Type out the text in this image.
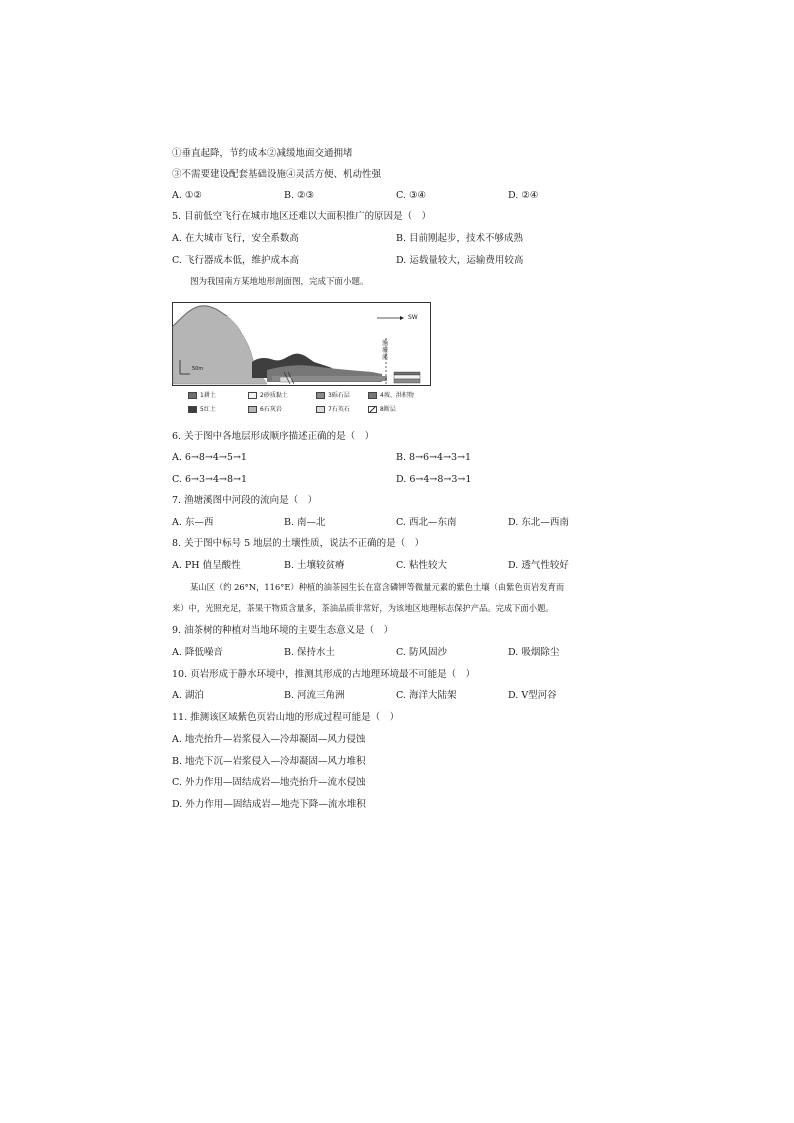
①垂直起降，节约成本②减缓地面交通拥堵
③不需要建设配套基础设施④灵活方便、机动性强
A. ①②	B. ②③	C. ③④	D. ②④
5. 目前低空飞行在城市地区还难以大面积推广的原因是（　）
A. 在大城市飞行，安全系数高	B. 目前刚起步，技术不够成熟
C. 飞行器成本低，维护成本高	D. 运载量较大，运输费用较高
图为我国南方某地地形剖面图，完成下面小题。
SW
渔塘溪
50m
1耕土	2砂质黏土	3砾石层	4坡、洪积物
5红土	6石灰岩	7石英石	8断层
6. 关于图中各地层形成顺序描述正确的是（　）
A. 6→8→4→5→1	B. 8→6→4→3→1
C. 6→3→4→8→1	D. 6→4→8→3→1
7. 渔塘溪图中河段的流向是（　）
A. 东—西	B. 南—北	C. 西北—东南	D. 东北—西南
8. 关于图中标号 5 地层的土壤性质，说法不正确的是（　）
A. PH 值呈酸性	B. 土壤较贫瘠	C. 粘性较大	D. 透气性较好
某山区（约 26°N，116°E）种植的油茶园生长在富含磷钾等微量元素的紫色土壤（由紫色页岩发育而
来）中，光照充足，茶果干物质含量多，茶油品质非常好，为该地区地理标志保护产品。完成下面小题。
9. 油茶树的种植对当地环境的主要生态意义是（　）
A. 降低噪音	B. 保持水土	C. 防风固沙	D. 吸烟除尘
10. 页岩形成于静水环境中，推测其形成的古地理环境最不可能是（　）
A. 湖泊	B. 河流三角洲	C. 海洋大陆架	D. V型河谷
11. 推测该区域紫色页岩山地的形成过程可能是（　）
A. 地壳抬升—岩浆侵入—冷却凝固—风力侵蚀
B. 地壳下沉—岩浆侵入—冷却凝固—风力堆积
C. 外力作用—固结成岩—地壳抬升—流水侵蚀
D. 外力作用—固结成岩—地壳下降—流水堆积
